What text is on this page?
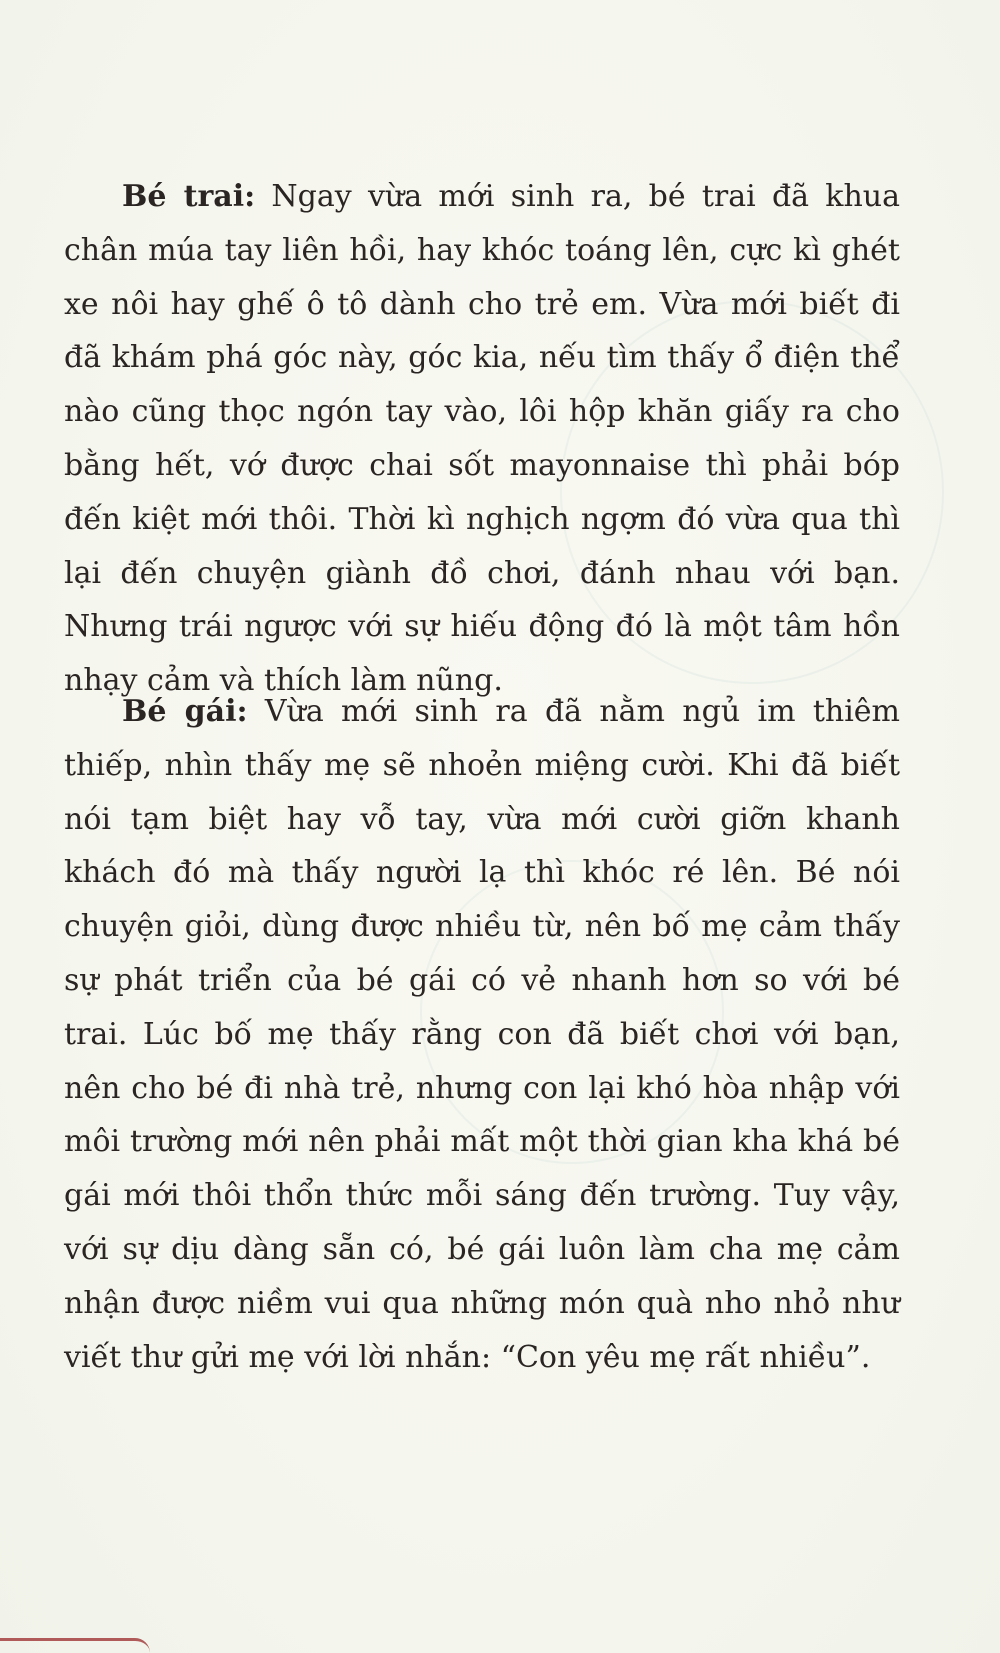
Bé trai: Ngay vừa mới sinh ra, bé trai đã khua chân múa tay liên hồi, hay khóc toáng lên, cực kì ghét xe nôi hay ghế ô tô dành cho trẻ em. Vừa mới biết đi đã khám phá góc này, góc kia, nếu tìm thấy ổ điện thể nào cũng thọc ngón tay vào, lôi hộp khăn giấy ra cho bằng hết, vớ được chai sốt mayonnaise thì phải bóp đến kiệt mới thôi. Thời kì nghịch ngợm đó vừa qua thì lại đến chuyện giành đồ chơi, đánh nhau với bạn. Nhưng trái ngược với sự hiếu động đó là một tâm hồn nhạy cảm và thích làm nũng.

Bé gái: Vừa mới sinh ra đã nằm ngủ im thiêm thiếp, nhìn thấy mẹ sẽ nhoẻn miệng cười. Khi đã biết nói tạm biệt hay vỗ tay, vừa mới cười giỡn khanh khách đó mà thấy người lạ thì khóc ré lên. Bé nói chuyện giỏi, dùng được nhiều từ, nên bố mẹ cảm thấy sự phát triển của bé gái có vẻ nhanh hơn so với bé trai. Lúc bố mẹ thấy rằng con đã biết chơi với bạn, nên cho bé đi nhà trẻ, nhưng con lại khó hòa nhập với môi trường mới nên phải mất một thời gian kha khá bé gái mới thôi thổn thức mỗi sáng đến trường. Tuy vậy, với sự dịu dàng sẵn có, bé gái luôn làm cha mẹ cảm nhận được niềm vui qua những món quà nho nhỏ như viết thư gửi mẹ với lời nhắn: “Con yêu mẹ rất nhiều”.
